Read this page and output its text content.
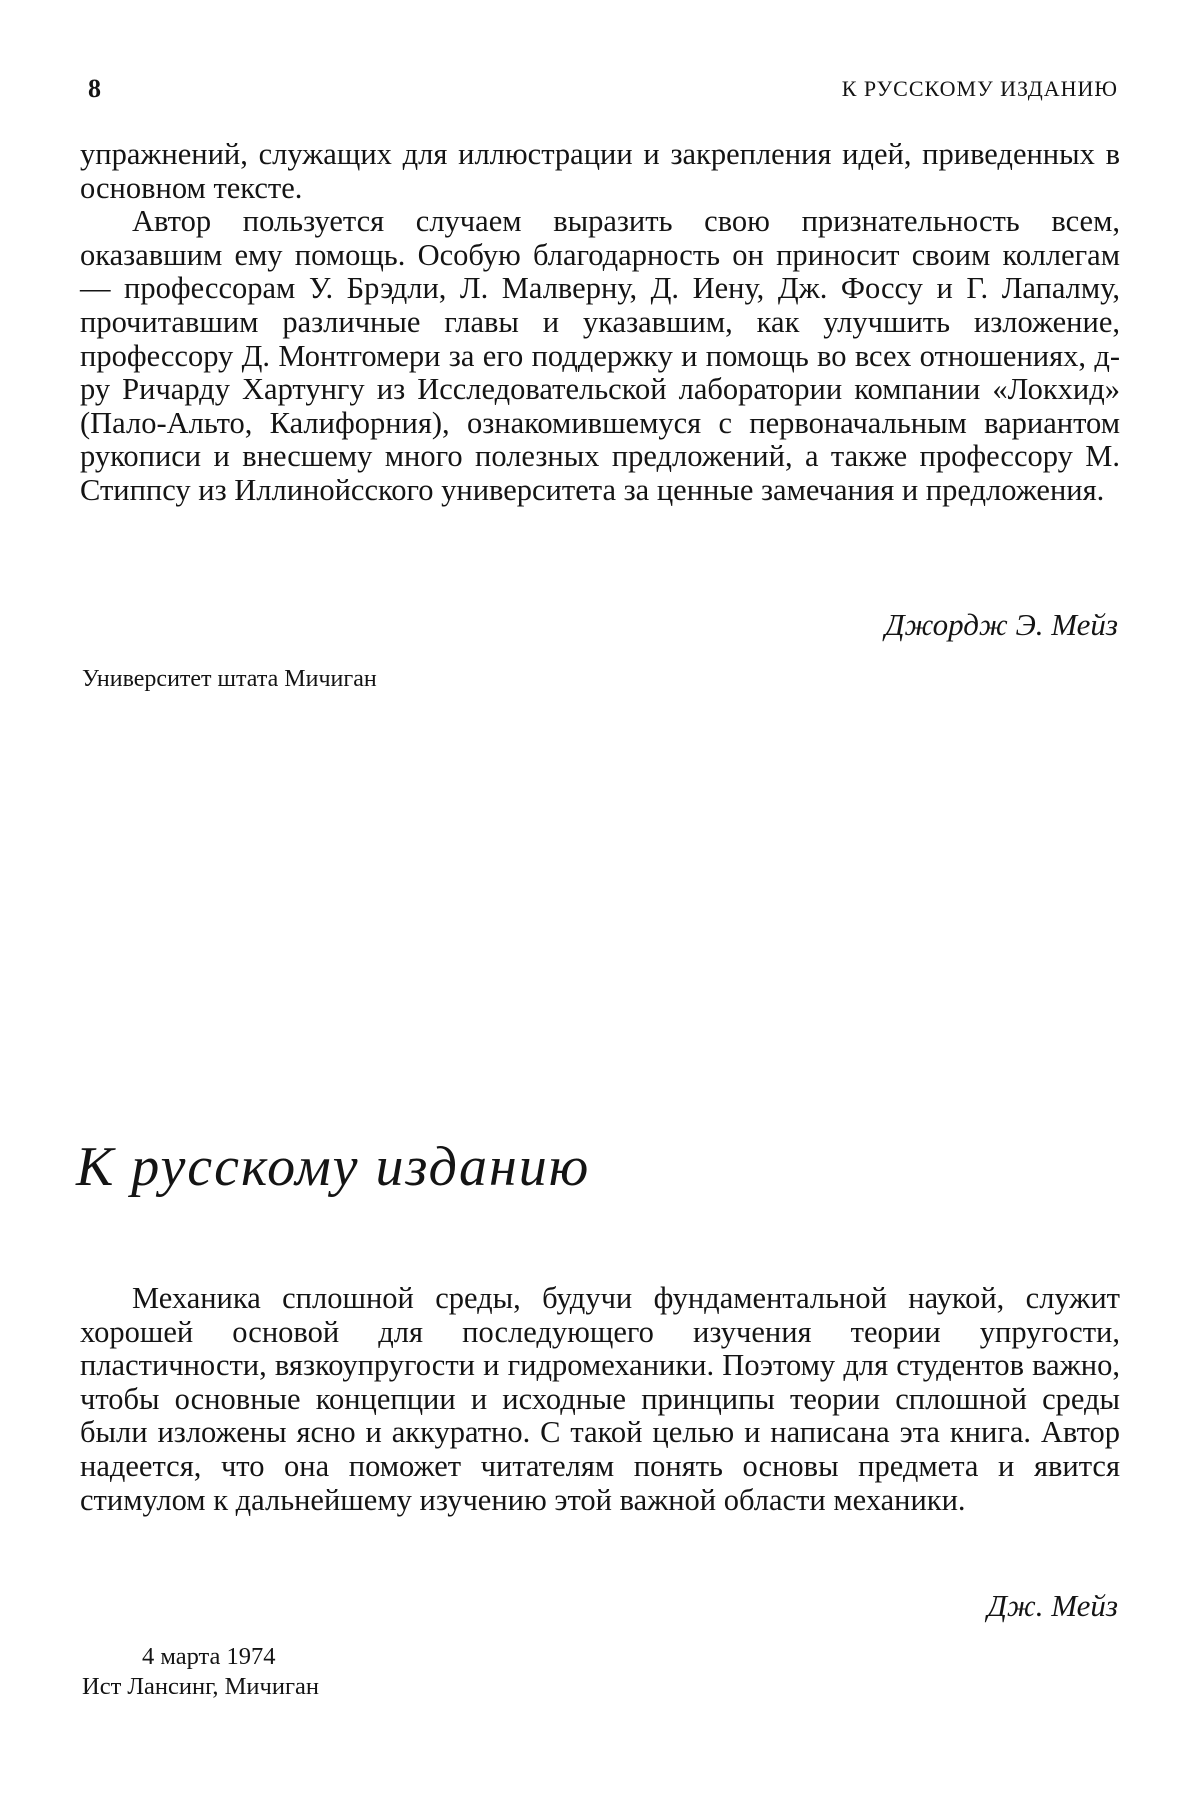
8	К РУССКОМУ ИЗДАНИЮ

упражнений, служащих для иллюстрации и закрепления идей, приведенных в основном тексте.

Автор пользуется случаем выразить свою признательность всем, оказавшим ему помощь. Особую благодарность он приносит своим коллегам — профессорам У. Брэдли, Л. Малверну, Д. Иену, Дж. Фоссу и Г. Лапалму, прочитавшим различные главы и указавшим, как улучшить изложение, профессору Д. Монтгомери за его поддержку и помощь во всех отношениях, д-ру Ричарду Хартунгу из Исследовательской лаборатории компании «Локхид» (Пало-Альто, Калифорния), ознакомившемуся с первоначальным вариантом рукописи и внесшему много полезных предложений, а также профессору М. Стиппсу из Иллинойсского университета за ценные замечания и предложения.

Джордж Э. Мейз
Университет штата Мичиган
К русскому изданию

Механика сплошной среды, будучи фундаментальной наукой, служит хорошей основой для последующего изучения теории упругости, пластичности, вязкоупругости и гидромеханики. Поэтому для студентов важно, чтобы основные концепции и исходные принципы теории сплошной среды были изложены ясно и аккуратно. С такой целью и написана эта книга. Автор надеется, что она поможет читателям понять основы предмета и явится стимулом к дальнейшему изучению этой важной области механики.

Дж. Мейз
4 марта 1974
Ист Лансинг, Мичиган
